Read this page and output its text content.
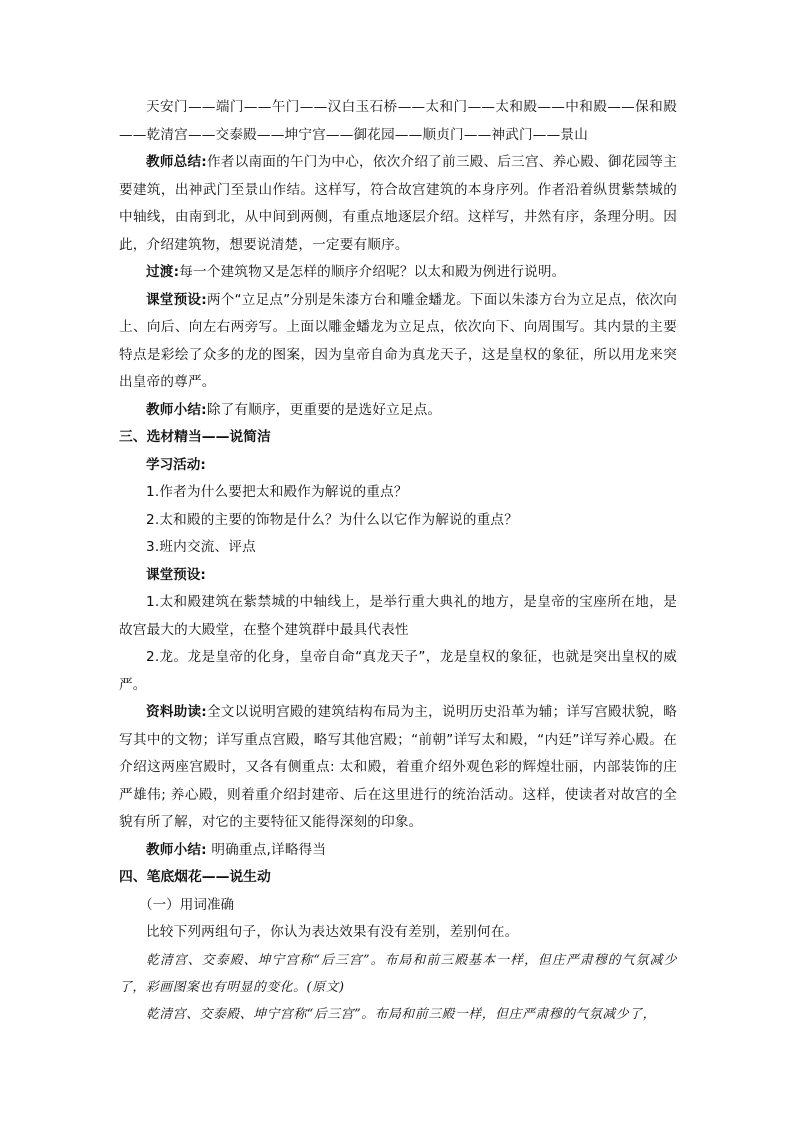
天安门——端门——午门——汉白玉石桥——太和门——太和殿——中和殿——保和殿——乾清宫——交泰殿——坤宁宫——御花园——顺贞门——神武门——景山

教师总结:作者以南面的午门为中心，依次介绍了前三殿、后三宫、养心殿、御花园等主要建筑，出神武门至景山作结。这样写，符合故宫建筑的本身序列。作者沿着纵贯紫禁城的中轴线，由南到北，从中间到两侧，有重点地逐层介绍。这样写，井然有序，条理分明。因此，介绍建筑物，想要说清楚，一定要有顺序。

过渡:每一个建筑物又是怎样的顺序介绍呢？以太和殿为例进行说明。

课堂预设:两个“立足点”分别是朱漆方台和雕金蟠龙。下面以朱漆方台为立足点，依次向上、向后、向左右两旁写。上面以雕金蟠龙为立足点，依次向下、向周围写。其内景的主要特点是彩绘了众多的龙的图案，因为皇帝自命为真龙天子，这是皇权的象征，所以用龙来突出皇帝的尊严。

教师小结:除了有顺序，更重要的是选好立足点。

三、选材精当——说简洁

学习活动:

1.作者为什么要把太和殿作为解说的重点？

2.太和殿的主要的饰物是什么？为什么以它作为解说的重点？

3.班内交流、评点

课堂预设:

1.太和殿建筑在紫禁城的中轴线上，是举行重大典礼的地方，是皇帝的宝座所在地，是故宫最大的大殿堂，在整个建筑群中最具代表性

2.龙。龙是皇帝的化身，皇帝自命“真龙天子”，龙是皇权的象征，也就是突出皇权的威严。

资料助读:全文以说明宫殿的建筑结构布局为主，说明历史沿革为辅；详写宫殿状貌，略写其中的文物；详写重点宫殿，略写其他宫殿；“前朝”详写太和殿，“内廷”详写养心殿。在介绍这两座宫殿时，又各有侧重点: 太和殿，着重介绍外观色彩的辉煌壮丽，内部装饰的庄严雄伟; 养心殿，则着重介绍封建帝、后在这里进行的统治活动。这样，使读者对故宫的全貌有所了解，对它的主要特征又能得深刻的印象。

教师小结: 明确重点,详略得当

四、笔底烟花——说生动

（一）用词准确

比较下列两组句子，你认为表达效果有没有差别，差别何在。

乾清宫、交泰殿、坤宁宫称“后三宫”。布局和前三殿基本一样，但庄严肃穆的气氛减少了，彩画图案也有明显的变化。(原文)

乾清宫、交泰殿、坤宁宫称“后三宫”。布局和前三殿一样，但庄严肃穆的气氛减少了，
